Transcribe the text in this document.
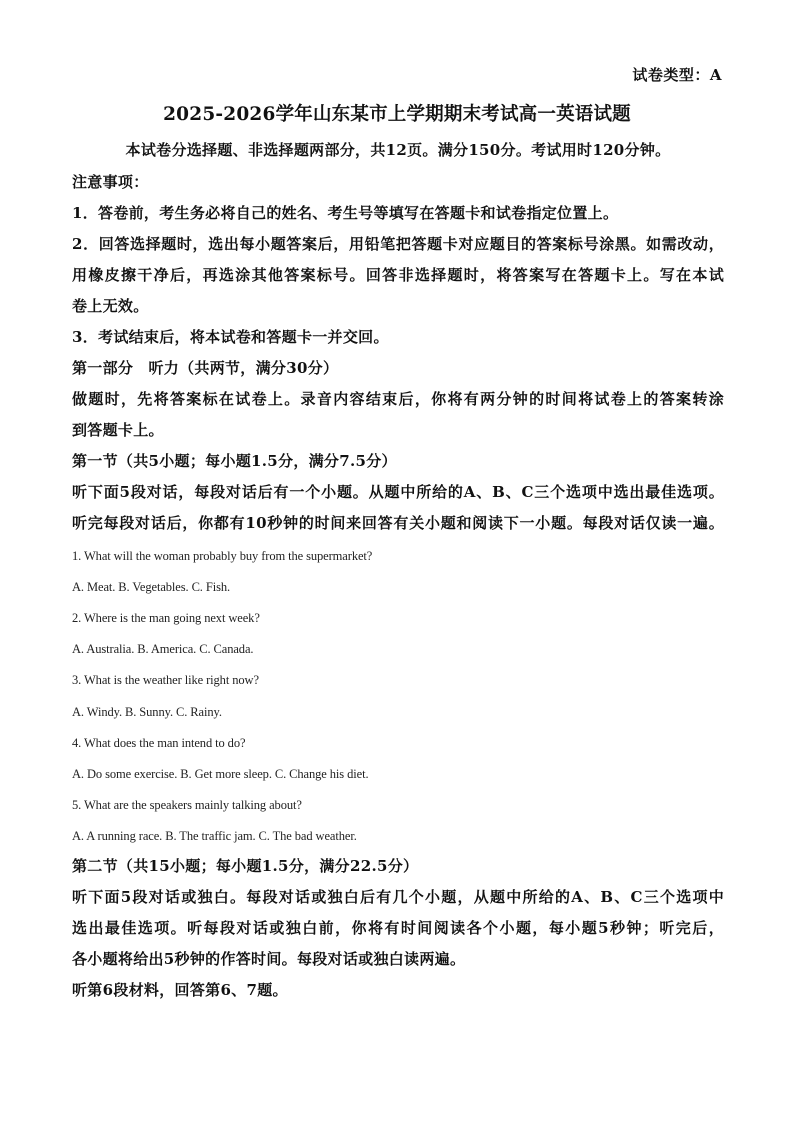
试卷类型：A
2025-2026学年山东某市上学期期末考试高一英语试题
本试卷分选择题、非选择题两部分，共12页。满分150分。考试用时120分钟。
注意事项：
1．答卷前，考生务必将自己的姓名、考生号等填写在答题卡和试卷指定位置上。
2．回答选择题时，选出每小题答案后，用铅笔把答题卡对应题目的答案标号涂黑。如需改动，
用橡皮擦干净后，再选涂其他答案标号。回答非选择题时，将答案写在答题卡上。写在本试
卷上无效。
3．考试结束后，将本试卷和答题卡一并交回。
第一部分　听力（共两节，满分30分）
做题时，先将答案标在试卷上。录音内容结束后，你将有两分钟的时间将试卷上的答案转涂
到答题卡上。
第一节（共5小题；每小题1.5分，满分7.5分）
听下面5段对话，每段对话后有一个小题。从题中所给的A、B、C三个选项中选出最佳选项。
听完每段对话后，你都有10秒钟的时间来回答有关小题和阅读下一小题。每段对话仅读一遍。
1. What will the woman probably buy from the supermarket?
A. Meat. B. Vegetables. C. Fish.
2. Where is the man going next week?
A. Australia. B. America. C. Canada.
3. What is the weather like right now?
A. Windy. B. Sunny. C. Rainy.
4. What does the man intend to do?
A. Do some exercise. B. Get more sleep. C. Change his diet.
5. What are the speakers mainly talking about?
A. A running race. B. The traffic jam. C. The bad weather.
第二节（共15小题；每小题1.5分，满分22.5分）
听下面5段对话或独白。每段对话或独白后有几个小题，从题中所给的A、B、C三个选项中
选出最佳选项。听每段对话或独白前，你将有时间阅读各个小题，每小题5秒钟；听完后，
各小题将给出5秒钟的作答时间。每段对话或独白读两遍。
听第6段材料，回答第6、7题。
